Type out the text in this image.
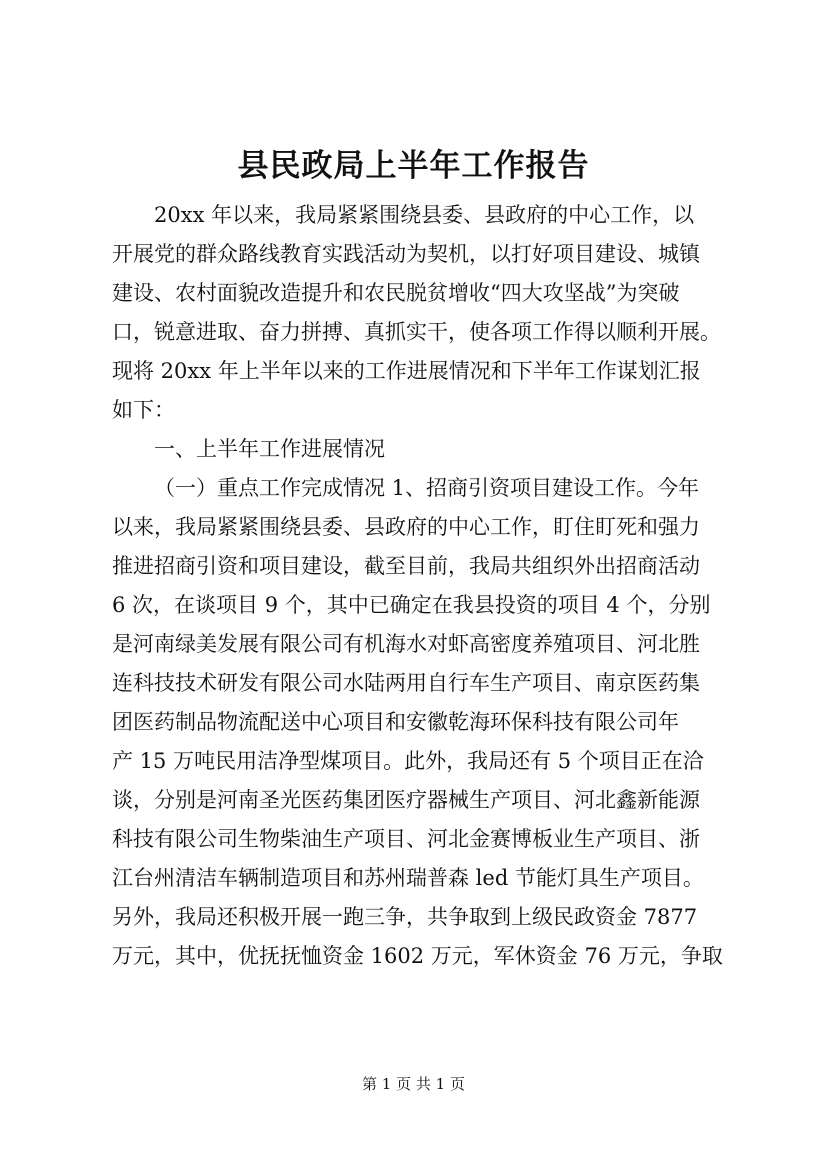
县民政局上半年工作报告
20xx 年以来，我局紧紧围绕县委、县政府的中心工作，以
开展党的群众路线教育实践活动为契机，以打好项目建设、城镇
建设、农村面貌改造提升和农民脱贫增收“四大攻坚战”为突破
口，锐意进取、奋力拼搏、真抓实干，使各项工作得以顺利开展。
现将 20xx 年上半年以来的工作进展情况和下半年工作谋划汇报
如下：
一、上半年工作进展情况
（一）重点工作完成情况 1、招商引资项目建设工作。今年
以来，我局紧紧围绕县委、县政府的中心工作，盯住盯死和强力
推进招商引资和项目建设，截至目前，我局共组织外出招商活动
6 次，在谈项目 9 个，其中已确定在我县投资的项目 4 个，分别
是河南绿美发展有限公司有机海水对虾高密度养殖项目、河北胜
连科技技术研发有限公司水陆两用自行车生产项目、南京医药集
团医药制品物流配送中心项目和安徽乾海环保科技有限公司年
产 15 万吨民用洁净型煤项目。此外，我局还有 5 个项目正在洽
谈，分别是河南圣光医药集团医疗器械生产项目、河北鑫新能源
科技有限公司生物柴油生产项目、河北金赛博板业生产项目、浙
江台州清洁车辆制造项目和苏州瑞普森 led 节能灯具生产项目。
另外，我局还积极开展一跑三争，共争取到上级民政资金 7877
万元，其中，优抚抚恤资金 1602 万元，军休资金 76 万元，争取
第 1 页 共 1 页
